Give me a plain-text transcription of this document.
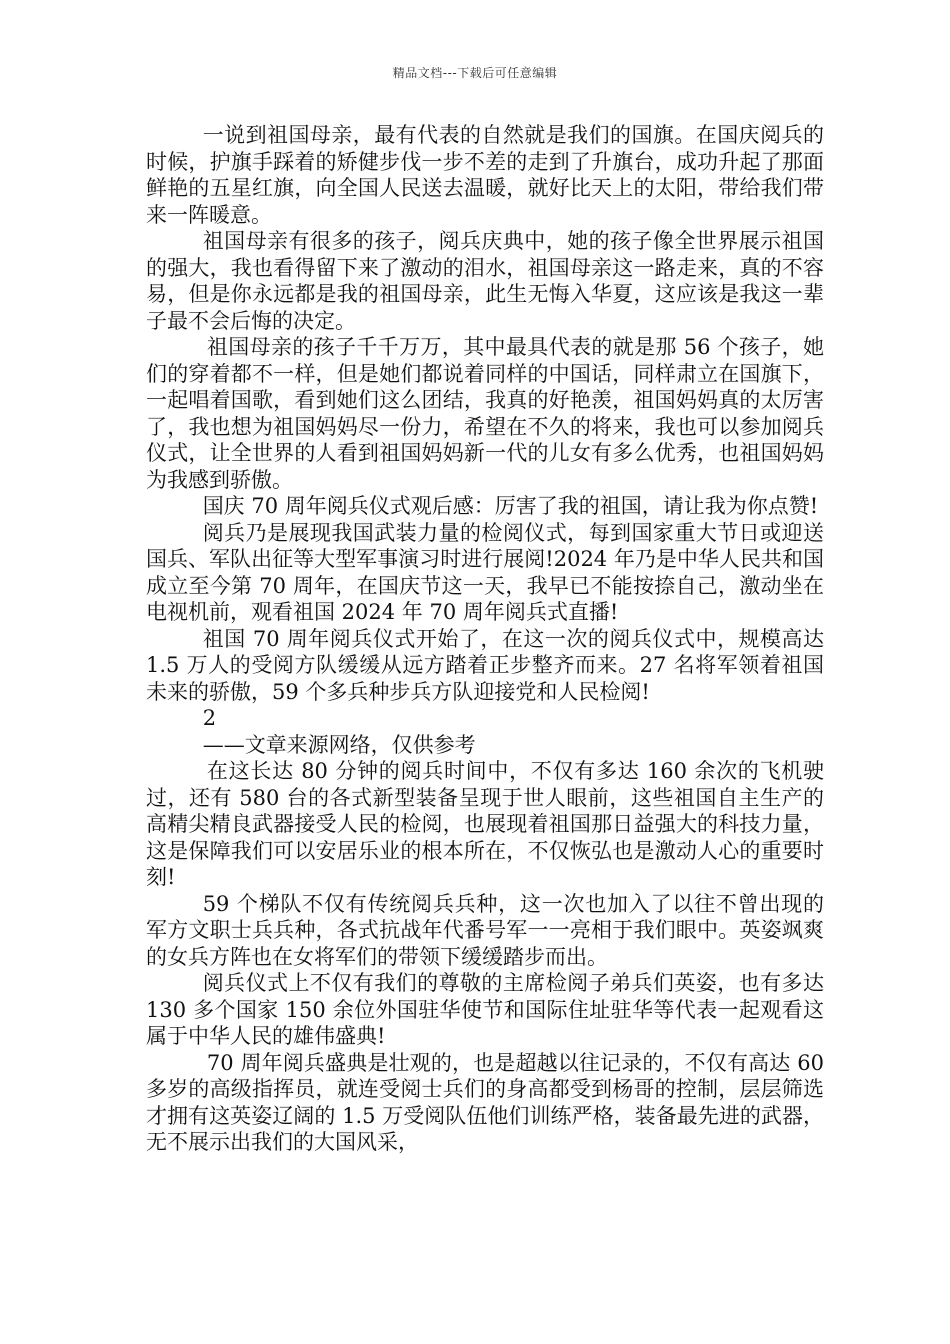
精品文档---下载后可任意编辑

一说到祖国母亲，最有代表的自然就是我们的国旗。在国庆阅兵的时候，护旗手踩着的矫健步伐一步不差的走到了升旗台，成功升起了那面鲜艳的五星红旗，向全国人民送去温暖，就好比天上的太阳，带给我们带来一阵暖意。

祖国母亲有很多的孩子，阅兵庆典中，她的孩子像全世界展示祖国的强大，我也看得留下来了激动的泪水，祖国母亲这一路走来，真的不容易，但是你永远都是我的祖国母亲，此生无悔入华夏，这应该是我这一辈子最不会后悔的决定。

祖国母亲的孩子千千万万，其中最具代表的就是那 56 个孩子，她们的穿着都不一样，但是她们都说着同样的中国话，同样肃立在国旗下，一起唱着国歌，看到她们这么团结，我真的好艳羡，祖国妈妈真的太厉害了，我也想为祖国妈妈尽一份力，希望在不久的将来，我也可以参加阅兵仪式，让全世界的人看到祖国妈妈新一代的儿女有多么优秀，也祖国妈妈为我感到骄傲。

国庆 70 周年阅兵仪式观后感：厉害了我的祖国，请让我为你点赞!

阅兵乃是展现我国武装力量的检阅仪式，每到国家重大节日或迎送国兵、军队出征等大型军事演习时进行展阅!2024 年乃是中华人民共和国成立至今第 70 周年，在国庆节这一天，我早已不能按捺自己，激动坐在电视机前，观看祖国 2024 年 70 周年阅兵式直播!

祖国 70 周年阅兵仪式开始了，在这一次的阅兵仪式中，规模高达 1.5 万人的受阅方队缓缓从远方踏着正步整齐而来。27 名将军领着祖国未来的骄傲，59 个多兵种步兵方队迎接党和人民检阅!

2

——文章来源网络，仅供参考

在这长达 80 分钟的阅兵时间中，不仅有多达 160 余次的飞机驶过，还有 580 台的各式新型装备呈现于世人眼前，这些祖国自主生产的高精尖精良武器接受人民的检阅，也展现着祖国那日益强大的科技力量，这是保障我们可以安居乐业的根本所在，不仅恢弘也是激动人心的重要时刻!

59 个梯队不仅有传统阅兵兵种，这一次也加入了以往不曾出现的军方文职士兵兵种，各式抗战年代番号军一一亮相于我们眼中。英姿飒爽的女兵方阵也在女将军们的带领下缓缓踏步而出。

阅兵仪式上不仅有我们的尊敬的主席检阅子弟兵们英姿，也有多达 130 多个国家 150 余位外国驻华使节和国际住址驻华等代表一起观看这属于中华人民的雄伟盛典!

70 周年阅兵盛典是壮观的，也是超越以往记录的，不仅有高达 60 多岁的高级指挥员，就连受阅士兵们的身高都受到杨哥的控制，层层筛选才拥有这英姿辽阔的 1.5 万受阅队伍他们训练严格，装备最先进的武器，无不展示出我们的大国风采，
